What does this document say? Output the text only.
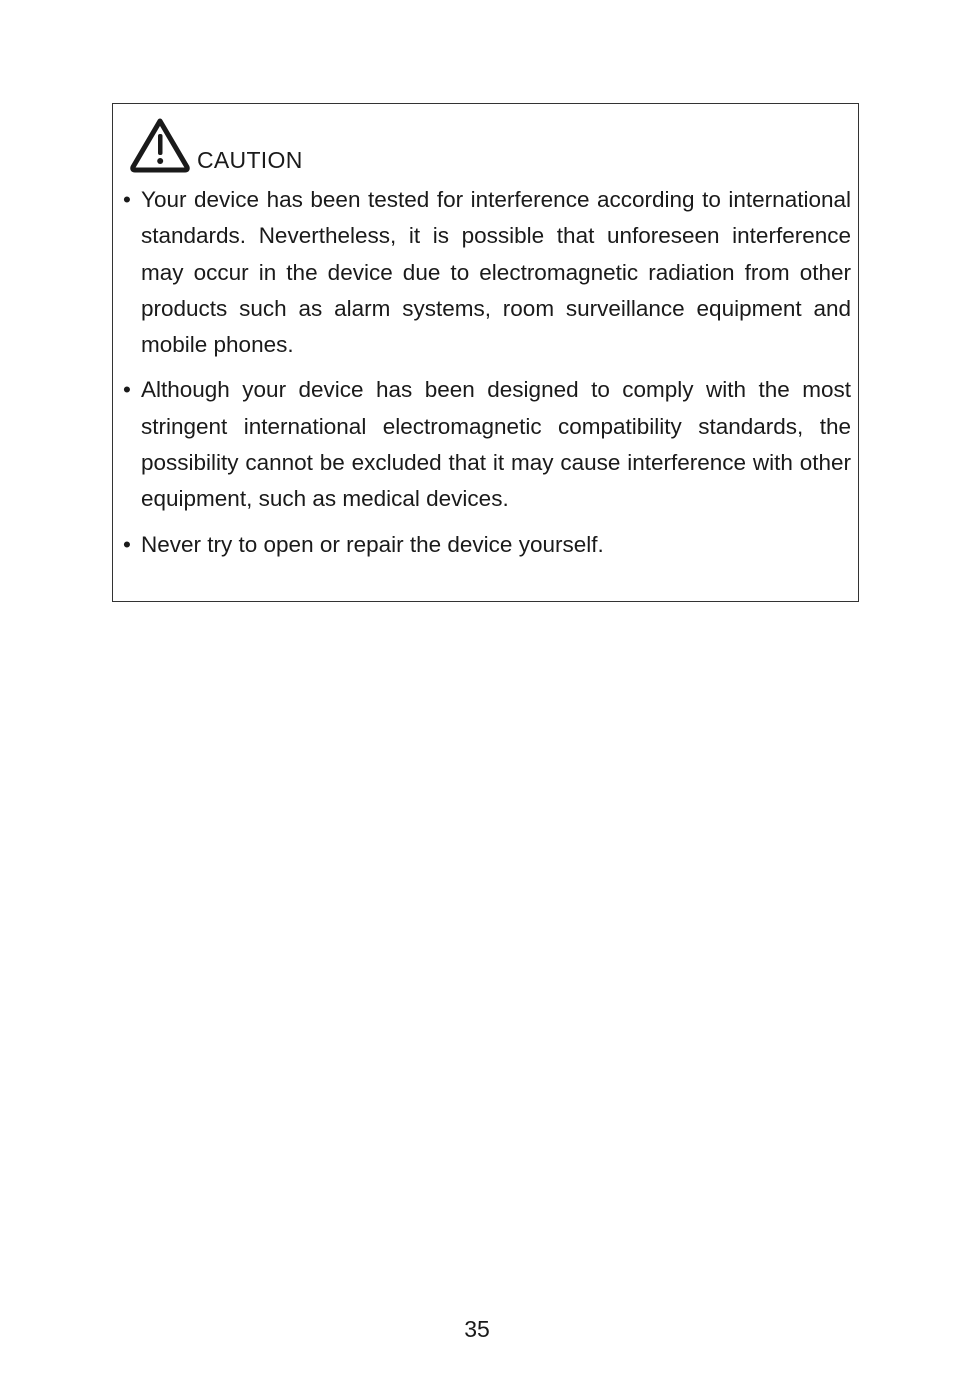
CAUTION
• Your device has been tested for interference according to international standards. Nevertheless, it is possible that unforeseen interference may occur in the device due to electromagnetic radiation from other products such as alarm systems, room surveillance equipment and mobile phones.
• Although your device has been designed to comply with the most stringent international electromagnetic compatibility standards, the possibility cannot be excluded that it may cause interference with other equipment, such as medical devices.
• Never try to open or repair the device yourself.
35
